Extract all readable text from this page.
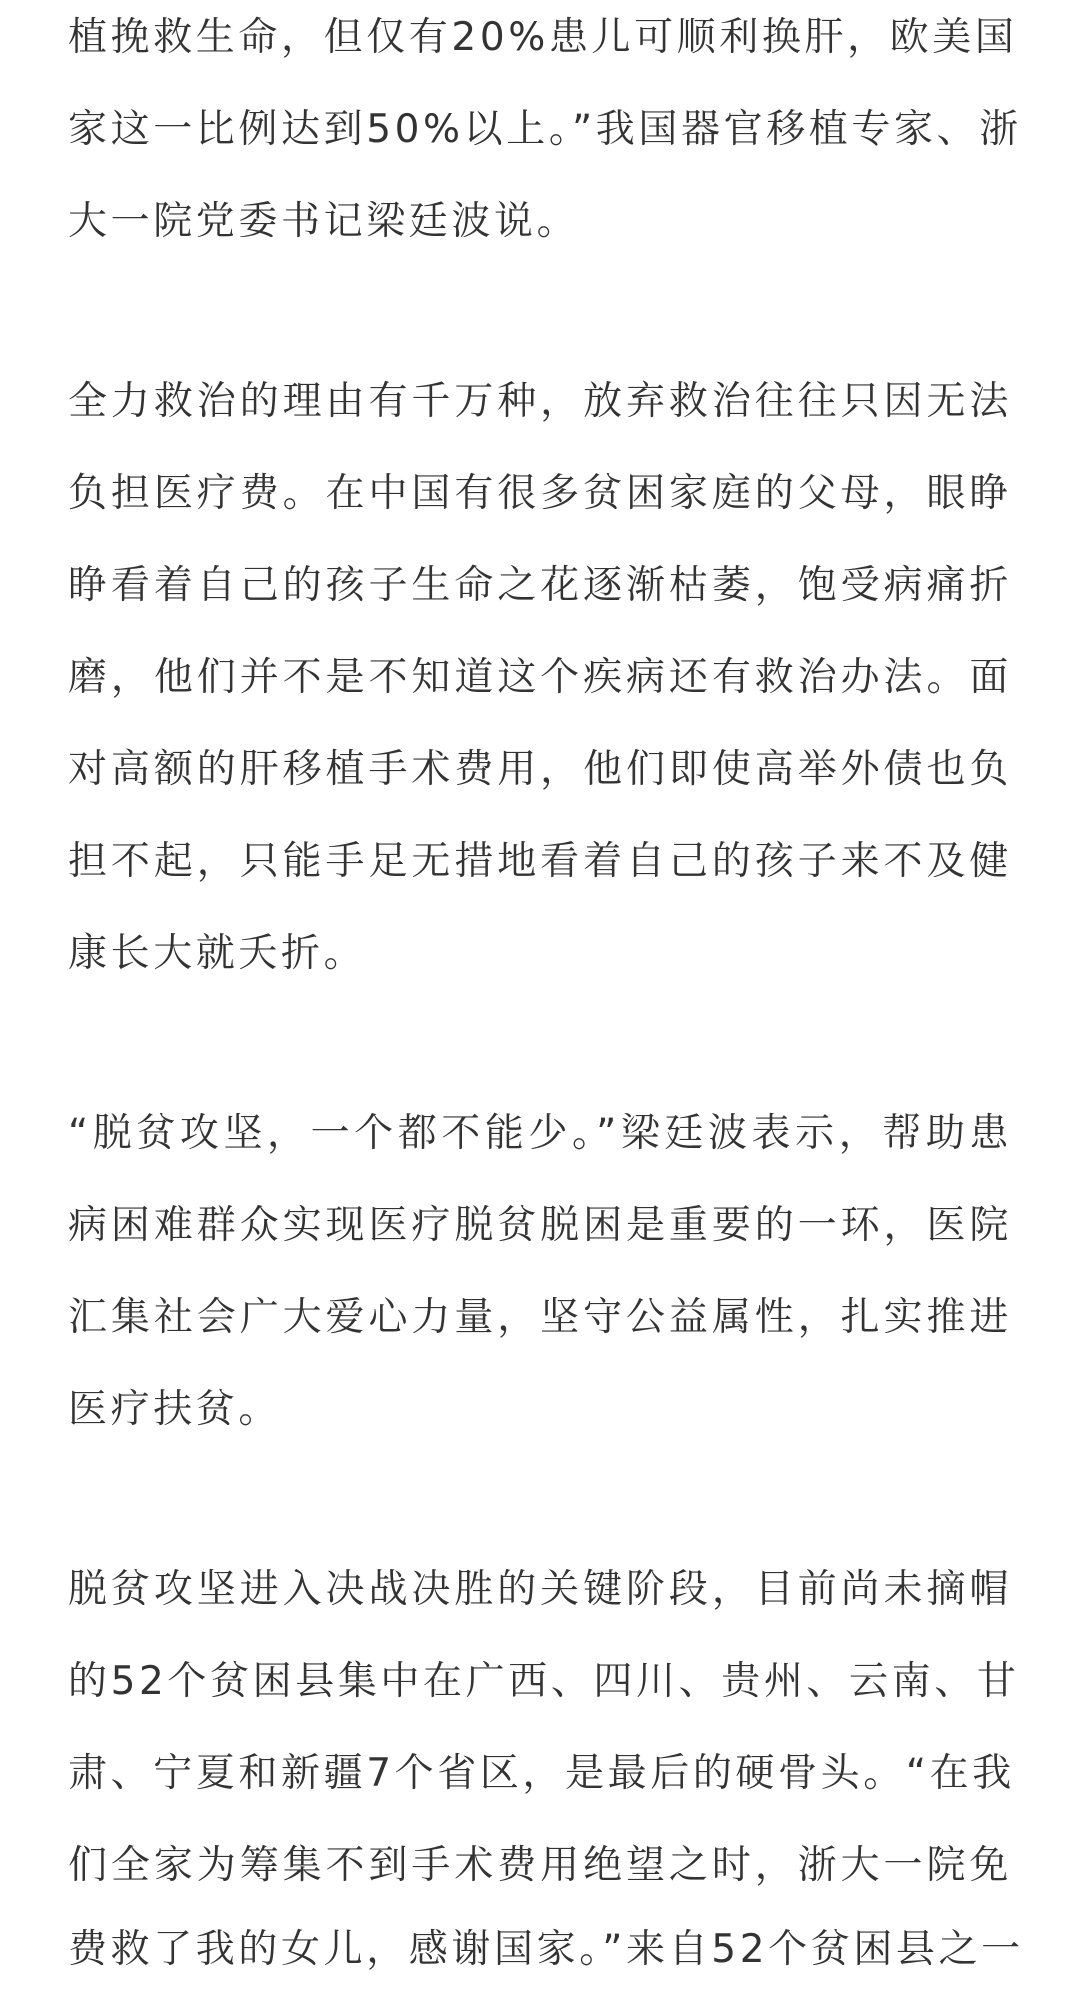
植挽救生命，但仅有20%患儿可顺利换肝，欧美国
家这一比例达到50%以上。”我国器官移植专家、浙
大一院党委书记梁廷波说。
全力救治的理由有千万种，放弃救治往往只因无法
负担医疗费。在中国有很多贫困家庭的父母，眼睁
睁看着自己的孩子生命之花逐渐枯萎，饱受病痛折
磨，他们并不是不知道这个疾病还有救治办法。面
对高额的肝移植手术费用，他们即使高举外债也负
担不起，只能手足无措地看着自己的孩子来不及健
康长大就夭折。
“脱贫攻坚，一个都不能少。”梁廷波表示，帮助患
病困难群众实现医疗脱贫脱困是重要的一环，医院
汇集社会广大爱心力量，坚守公益属性，扎实推进
医疗扶贫。
脱贫攻坚进入决战决胜的关键阶段，目前尚未摘帽
的52个贫困县集中在广西、四川、贵州、云南、甘
肃、宁夏和新疆7个省区，是最后的硬骨头。“在我
们全家为筹集不到手术费用绝望之时，浙大一院免
费救了我的女儿，感谢国家。”来自52个贫困县之一
